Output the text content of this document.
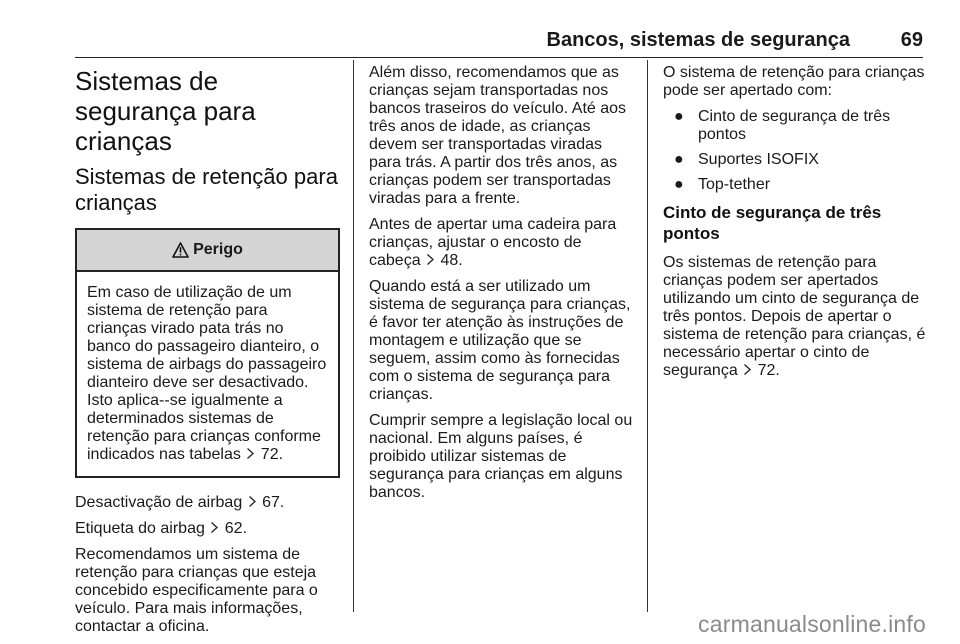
Bancos, sistemas de segurança	69
Sistemas de segurança para crianças
Sistemas de retenção para crianças
Perigo

Em caso de utilização de um sistema de retenção para crianças virado pata trás no banco do passageiro dianteiro, o sistema de airbags do passageiro dianteiro deve ser desactivado. Isto aplica--se igualmente a determinados sistemas de retenção para crianças conforme indicados nas tabelas 72.

Desactivação de airbag 67.

Etiqueta do airbag 62.

Recomendamos um sistema de retenção para crianças que esteja concebido especificamente para o veículo. Para mais informações, contactar a oficina.

Além disso, recomendamos que as crianças sejam transportadas nos bancos traseiros do veículo. Até aos três anos de idade, as crianças devem ser transportadas viradas para trás. A partir dos três anos, as crianças podem ser transportadas viradas para a frente.

Antes de apertar uma cadeira para crianças, ajustar o encosto de cabeça 48.

Quando está a ser utilizado um sistema de segurança para crianças, é favor ter atenção às instruções de montagem e utilização que se seguem, assim como às fornecidas com o sistema de segurança para crianças.

Cumprir sempre a legislação local ou nacional. Em alguns países, é proibido utilizar sistemas de segurança para crianças em alguns bancos.

O sistema de retenção para crianças pode ser apertado com:

● Cinto de segurança de três pontos
● Suportes ISOFIX
● Top-tether
Cinto de segurança de três pontos

Os sistemas de retenção para crianças podem ser apertados utilizando um cinto de segurança de três pontos. Depois de apertar o sistema de retenção para crianças, é necessário apertar o cinto de segurança 72.

carmanualsonline.info
